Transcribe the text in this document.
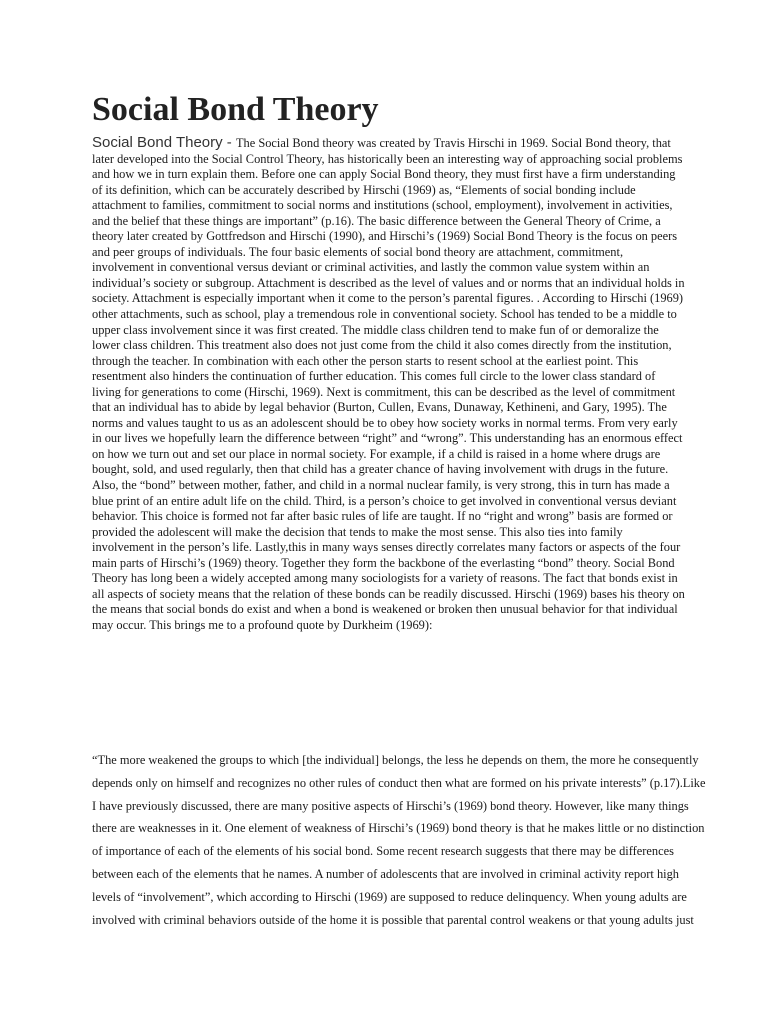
Social Bond Theory

Social Bond Theory - The Social Bond theory was created by Travis Hirschi in 1969. Social Bond theory, that later developed into the Social Control Theory, has historically been an interesting way of approaching social problems and how we in turn explain them. Before one can apply Social Bond theory, they must first have a firm understanding of its definition, which can be accurately described by Hirschi (1969) as, “Elements of social bonding include attachment to families, commitment to social norms and institutions (school, employment), involvement in activities, and the belief that these things are important” (p.16). The basic difference between the General Theory of Crime, a theory later created by Gottfredson and Hirschi (1990), and Hirschi’s (1969) Social Bond Theory is the focus on peers and peer groups of individuals. The four basic elements of social bond theory are attachment, commitment, involvement in conventional versus deviant or criminal activities, and lastly the common value system within an individual’s society or subgroup. Attachment is described as the level of values and or norms that an individual holds in society. Attachment is especially important when it come to the person’s parental figures. . According to Hirschi (1969) other attachments, such as school, play a tremendous role in conventional society. School has tended to be a middle to upper class involvement since it was first created. The middle class children tend to make fun of or demoralize the lower class children. This treatment also does not just come from the child it also comes directly from the institution, through the teacher. In combination with each other the person starts to resent school at the earliest point. This resentment also hinders the continuation of further education. This comes full circle to the lower class standard of living for generations to come (Hirschi, 1969). Next is commitment, this can be described as the level of commitment that an individual has to abide by legal behavior (Burton, Cullen, Evans, Dunaway, Kethineni, and Gary, 1995). The norms and values taught to us as an adolescent should be to obey how society works in normal terms. From very early in our lives we hopefully learn the difference between “right” and “wrong”. This understanding has an enormous effect on how we turn out and set our place in normal society. For example, if a child is raised in a home where drugs are bought, sold, and used regularly, then that child has a greater chance of having involvement with drugs in the future. Also, the “bond” between mother, father, and child in a normal nuclear family, is very strong, this in turn has made a blue print of an entire adult life on the child. Third, is a person’s choice to get involved in conventional versus deviant behavior. This choice is formed not far after basic rules of life are taught. If no “right and wrong” basis are formed or provided the adolescent will make the decision that tends to make the most sense. This also ties into family involvement in the person’s life. Lastly,this in many ways senses directly correlates many factors or aspects of the four main parts of Hirschi’s (1969) theory. Together they form the backbone of the everlasting “bond” theory. Social Bond Theory has long been a widely accepted among many sociologists for a variety of reasons. The fact that bonds exist in all aspects of society means that the relation of these bonds can be readily discussed. Hirschi (1969) bases his theory on the means that social bonds do exist and when a bond is weakened or broken then unusual behavior for that individual may occur. This brings me to a profound quote by Durkheim (1969):

“The more weakened the groups to which [the individual] belongs, the less he depends on them, the more he consequently depends only on himself and recognizes no other rules of conduct then what are formed on his private interests” (p.17).Like I have previously discussed, there are many positive aspects of Hirschi’s (1969) bond theory. However, like many things there are weaknesses in it. One element of weakness of Hirschi’s (1969) bond theory is that he makes little or no distinction of importance of each of the elements of his social bond. Some recent research suggests that there may be differences between each of the elements that he names. A number of adolescents that are involved in criminal activity report high levels of “involvement”, which according to Hirschi (1969) are supposed to reduce delinquency. When young adults are involved with criminal behaviors outside of the home it is possible that parental control weakens or that young adults just
